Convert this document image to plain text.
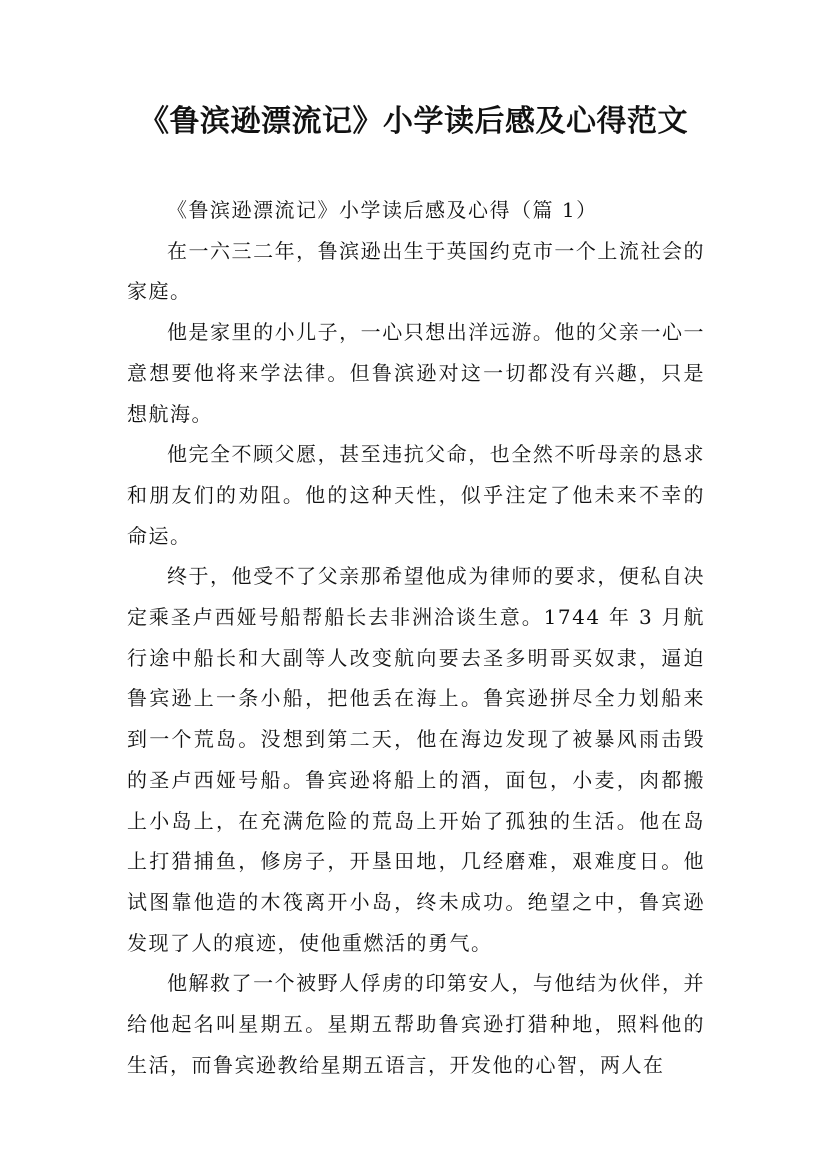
《鲁滨逊漂流记》小学读后感及心得范文

《鲁滨逊漂流记》小学读后感及心得（篇 1）

在一六三二年，鲁滨逊出生于英国约克市一个上流社会的家庭。

他是家里的小儿子，一心只想出洋远游。他的父亲一心一意想要他将来学法律。但鲁滨逊对这一切都没有兴趣，只是想航海。

他完全不顾父愿，甚至违抗父命，也全然不听母亲的恳求和朋友们的劝阻。他的这种天性，似乎注定了他未来不幸的命运。

终于，他受不了父亲那希望他成为律师的要求，便私自决定乘圣卢西娅号船帮船长去非洲洽谈生意。1744 年 3 月航行途中船长和大副等人改变航向要去圣多明哥买奴隶，逼迫鲁宾逊上一条小船，把他丢在海上。鲁宾逊拼尽全力划船来到一个荒岛。没想到第二天，他在海边发现了被暴风雨击毁的圣卢西娅号船。鲁宾逊将船上的酒，面包，小麦，肉都搬上小岛上，在充满危险的荒岛上开始了孤独的生活。他在岛上打猎捕鱼，修房子，开垦田地，几经磨难，艰难度日。他试图靠他造的木筏离开小岛，终未成功。绝望之中，鲁宾逊发现了人的痕迹，使他重燃活的勇气。

他解救了一个被野人俘虏的印第安人，与他结为伙伴，并给他起名叫星期五。星期五帮助鲁宾逊打猎种地，照料他的生活，而鲁宾逊教给星期五语言，开发他的心智，两人在
